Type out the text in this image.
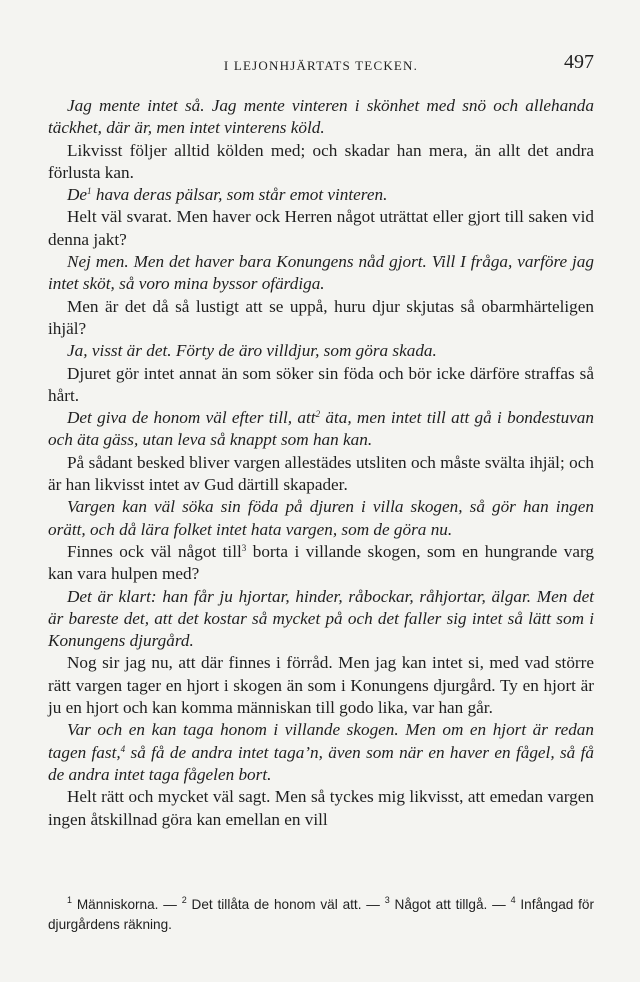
I LEJONHJÄRTATS TECKEN.	497

Jag mente intet så. Jag mente vinteren i skönhet med snö och allehanda täckhet, där är, men intet vinterens köld.

Likvisst följer alltid kölden med; och skadar han mera, än allt det andra förlusta kan.

De$^1$ hava deras pälsar, som står emot vinteren.

Helt väl svarat. Men haver ock Herren något uträttat eller gjort till saken vid denna jakt?

Nej men. Men det haver bara Konungens nåd gjort. Vill I fråga, varföre jag intet sköt, så voro mina byssor ofärdiga.

Men är det då så lustigt att se uppå, huru djur skjutas så obarmhärteligen ihjäl?

Ja, visst är det. Förty de äro villdjur, som göra skada.

Djuret gör intet annat än som söker sin föda och bör icke därföre straffas så hårt.

Det giva de honom väl efter till, att$^2$ äta, men intet till att gå i bondestuvan och äta gäss, utan leva så knappt som han kan.

På sådant besked bliver vargen allestädes utsliten och måste svälta ihjäl; och är han likvisst intet av Gud därtill skapader.

Vargen kan väl söka sin föda på djuren i villa skogen, så gör han ingen orätt, och då lära folket intet hata vargen, som de göra nu.

Finnes ock väl något till$^3$ borta i villande skogen, som en hungrande varg kan vara hulpen med?

Det är klart: han får ju hjortar, hinder, råbockar, råhjortar, älgar. Men det är bareste det, att det kostar så mycket på och det faller sig intet så lätt som i Konungens djurgård.

Nog sir jag nu, att där finnes i förråd. Men jag kan intet si, med vad större rätt vargen tager en hjort i skogen än som i Konungens djurgård. Ty en hjort är ju en hjort och kan komma människan till godo lika, var han går.

Var och en kan taga honom i villande skogen. Men om en hjort är redan tagen fast,$^4$ så få de andra intet taga’n, även som när en haver en fågel, så få de andra intet taga fågelen bort.

Helt rätt och mycket väl sagt. Men så tyckes mig likvisst, att emedan vargen ingen åtskillnad göra kan emellan en vill

$^1$ Människorna. — $^2$ Det tillåta de honom väl att. — $^3$ Något att tillgå. — $^4$ Infångad för djurgårdens räkning.
